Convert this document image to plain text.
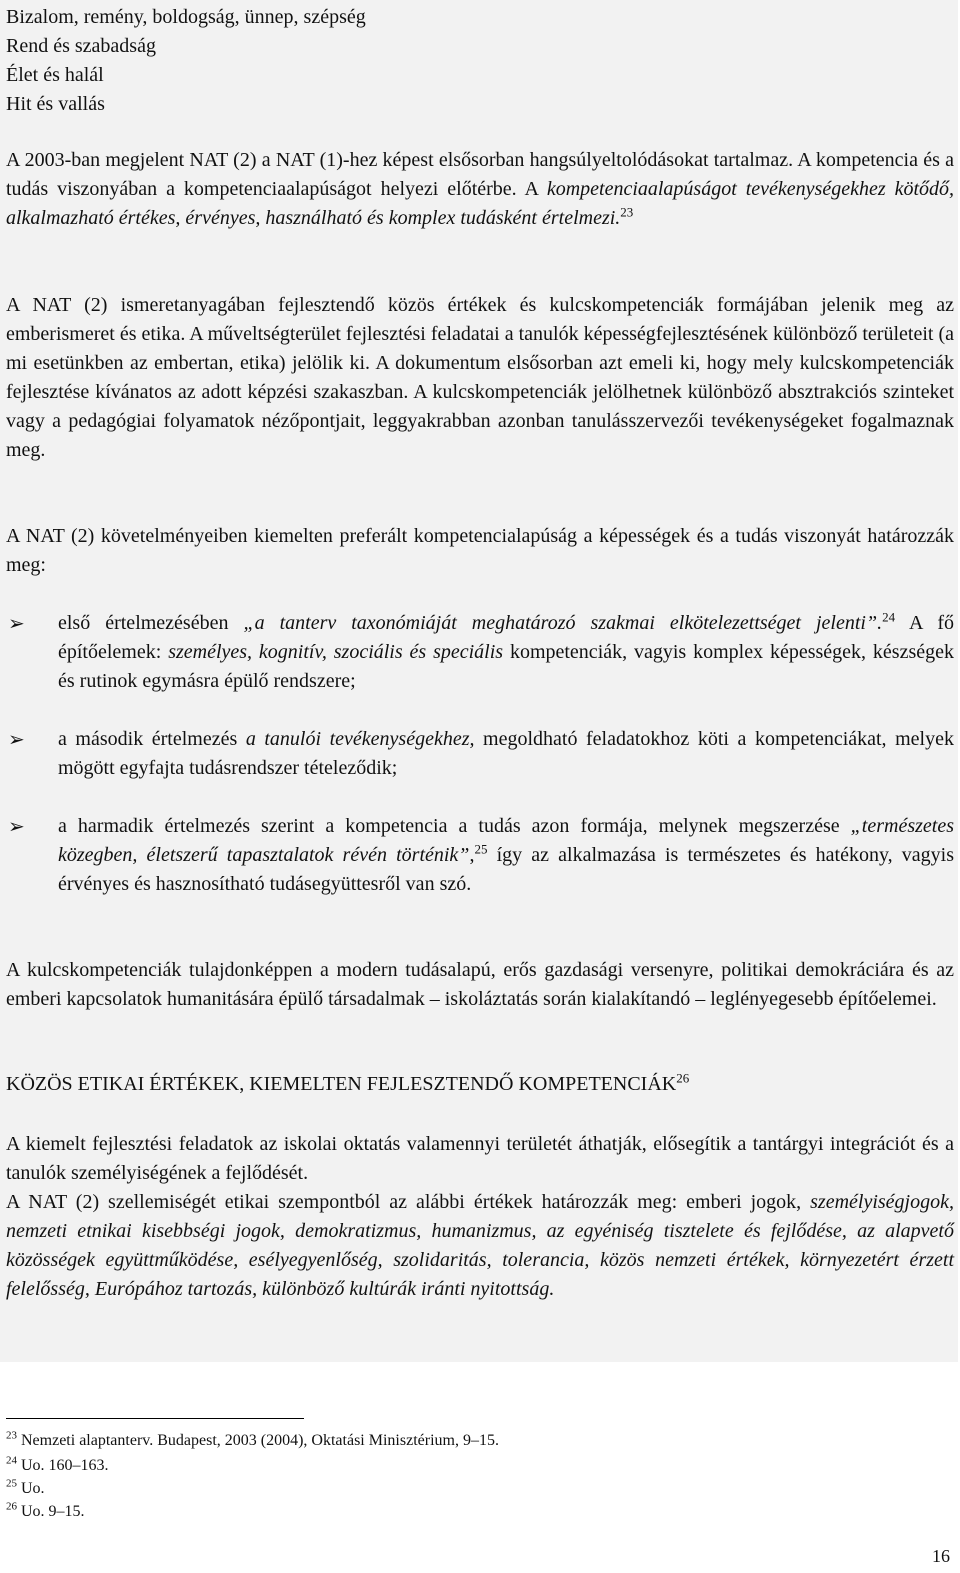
Bizalom, remény, boldogság, ünnep, szépség
Rend és szabadság
Élet és halál
Hit és vallás
A 2003-ban megjelent NAT (2) a NAT (1)-hez képest elsősorban hangsúlyeltolódásokat tartalmaz. A kompetencia és a tudás viszonyában a kompetenciaalapúságot helyezi előtérbe. A kompetenciaalapúságot tevékenységekhez kötődő, alkalmazható értékes, érvényes, használható és komplex tudásként értelmezi.$^{23}$
A NAT (2) ismeretanyagában fejlesztendő közös értékek és kulcskompetenciák formájában jelenik meg az emberismeret és etika. A műveltségterület fejlesztési feladatai a tanulók képességfejlesztésének különböző területeit (a mi esetünkben az embertan, etika) jelölik ki. A dokumentum elsősorban azt emeli ki, hogy mely kulcskompetenciák fejlesztése kívánatos az adott képzési szakaszban. A kulcskompetenciák jelölhetnek különböző absztrakciós szinteket vagy a pedagógiai folyamatok nézőpontjait, leggyakrabban azonban tanulásszervezői tevékenységeket fogalmaznak meg.
A NAT (2) követelményeiben kiemelten preferált kompetencialapúság a képességek és a tudás viszonyát határozzák meg:
➢ első értelmezésében „a tanterv taxonómiáját meghatározó szakmai elkötelezettséget jelenti”.$^{24}$ A fő építőelemek: személyes, kognitív, szociális és speciális kompetenciák, vagyis komplex képességek, készségek és rutinok egymásra épülő rendszere;
➢ a második értelmezés a tanulói tevékenységekhez, megoldható feladatokhoz köti a kompetenciákat, melyek mögött egyfajta tudásrendszer tételeződik;
➢ a harmadik értelmezés szerint a kompetencia a tudás azon formája, melynek megszerzése „természetes közegben, életszerű tapasztalatok révén történik”,$^{25}$ így az alkalmazása is természetes és hatékony, vagyis érvényes és hasznosítható tudásegyüttesről van szó.
A kulcskompetenciák tulajdonképpen a modern tudásalapú, erős gazdasági versenyre, politikai demokráciára és az emberi kapcsolatok humanitására épülő társadalmak – iskoláztatás során kialakítandó – leglényegesebb építőelemei.
KÖZÖS ETIKAI ÉRTÉKEK, KIEMELTEN FEJLESZTENDŐ KOMPETENCIÁK$^{26}$
A kiemelt fejlesztési feladatok az iskolai oktatás valamennyi területét áthatják, elősegítik a tantárgyi integrációt és a tanulók személyiségének a fejlődését.
A NAT (2) szellemiségét etikai szempontból az alábbi értékek határozzák meg: emberi jogok, személyiségjogok, nemzeti etnikai kisebbségi jogok, demokratizmus, humanizmus, az egyéniség tisztelete és fejlődése, az alapvető közösségek együttműködése, esélyegyenlőség, szolidaritás, tolerancia, közös nemzeti értékek, környezetért érzett felelősség, Európához tartozás, különböző kultúrák iránti nyitottság.
$^{23}$ Nemzeti alaptanterv. Budapest, 2003 (2004), Oktatási Minisztérium, 9–15.
$^{24}$ Uo. 160–163.
$^{25}$ Uo.
$^{26}$ Uo. 9–15.
16
